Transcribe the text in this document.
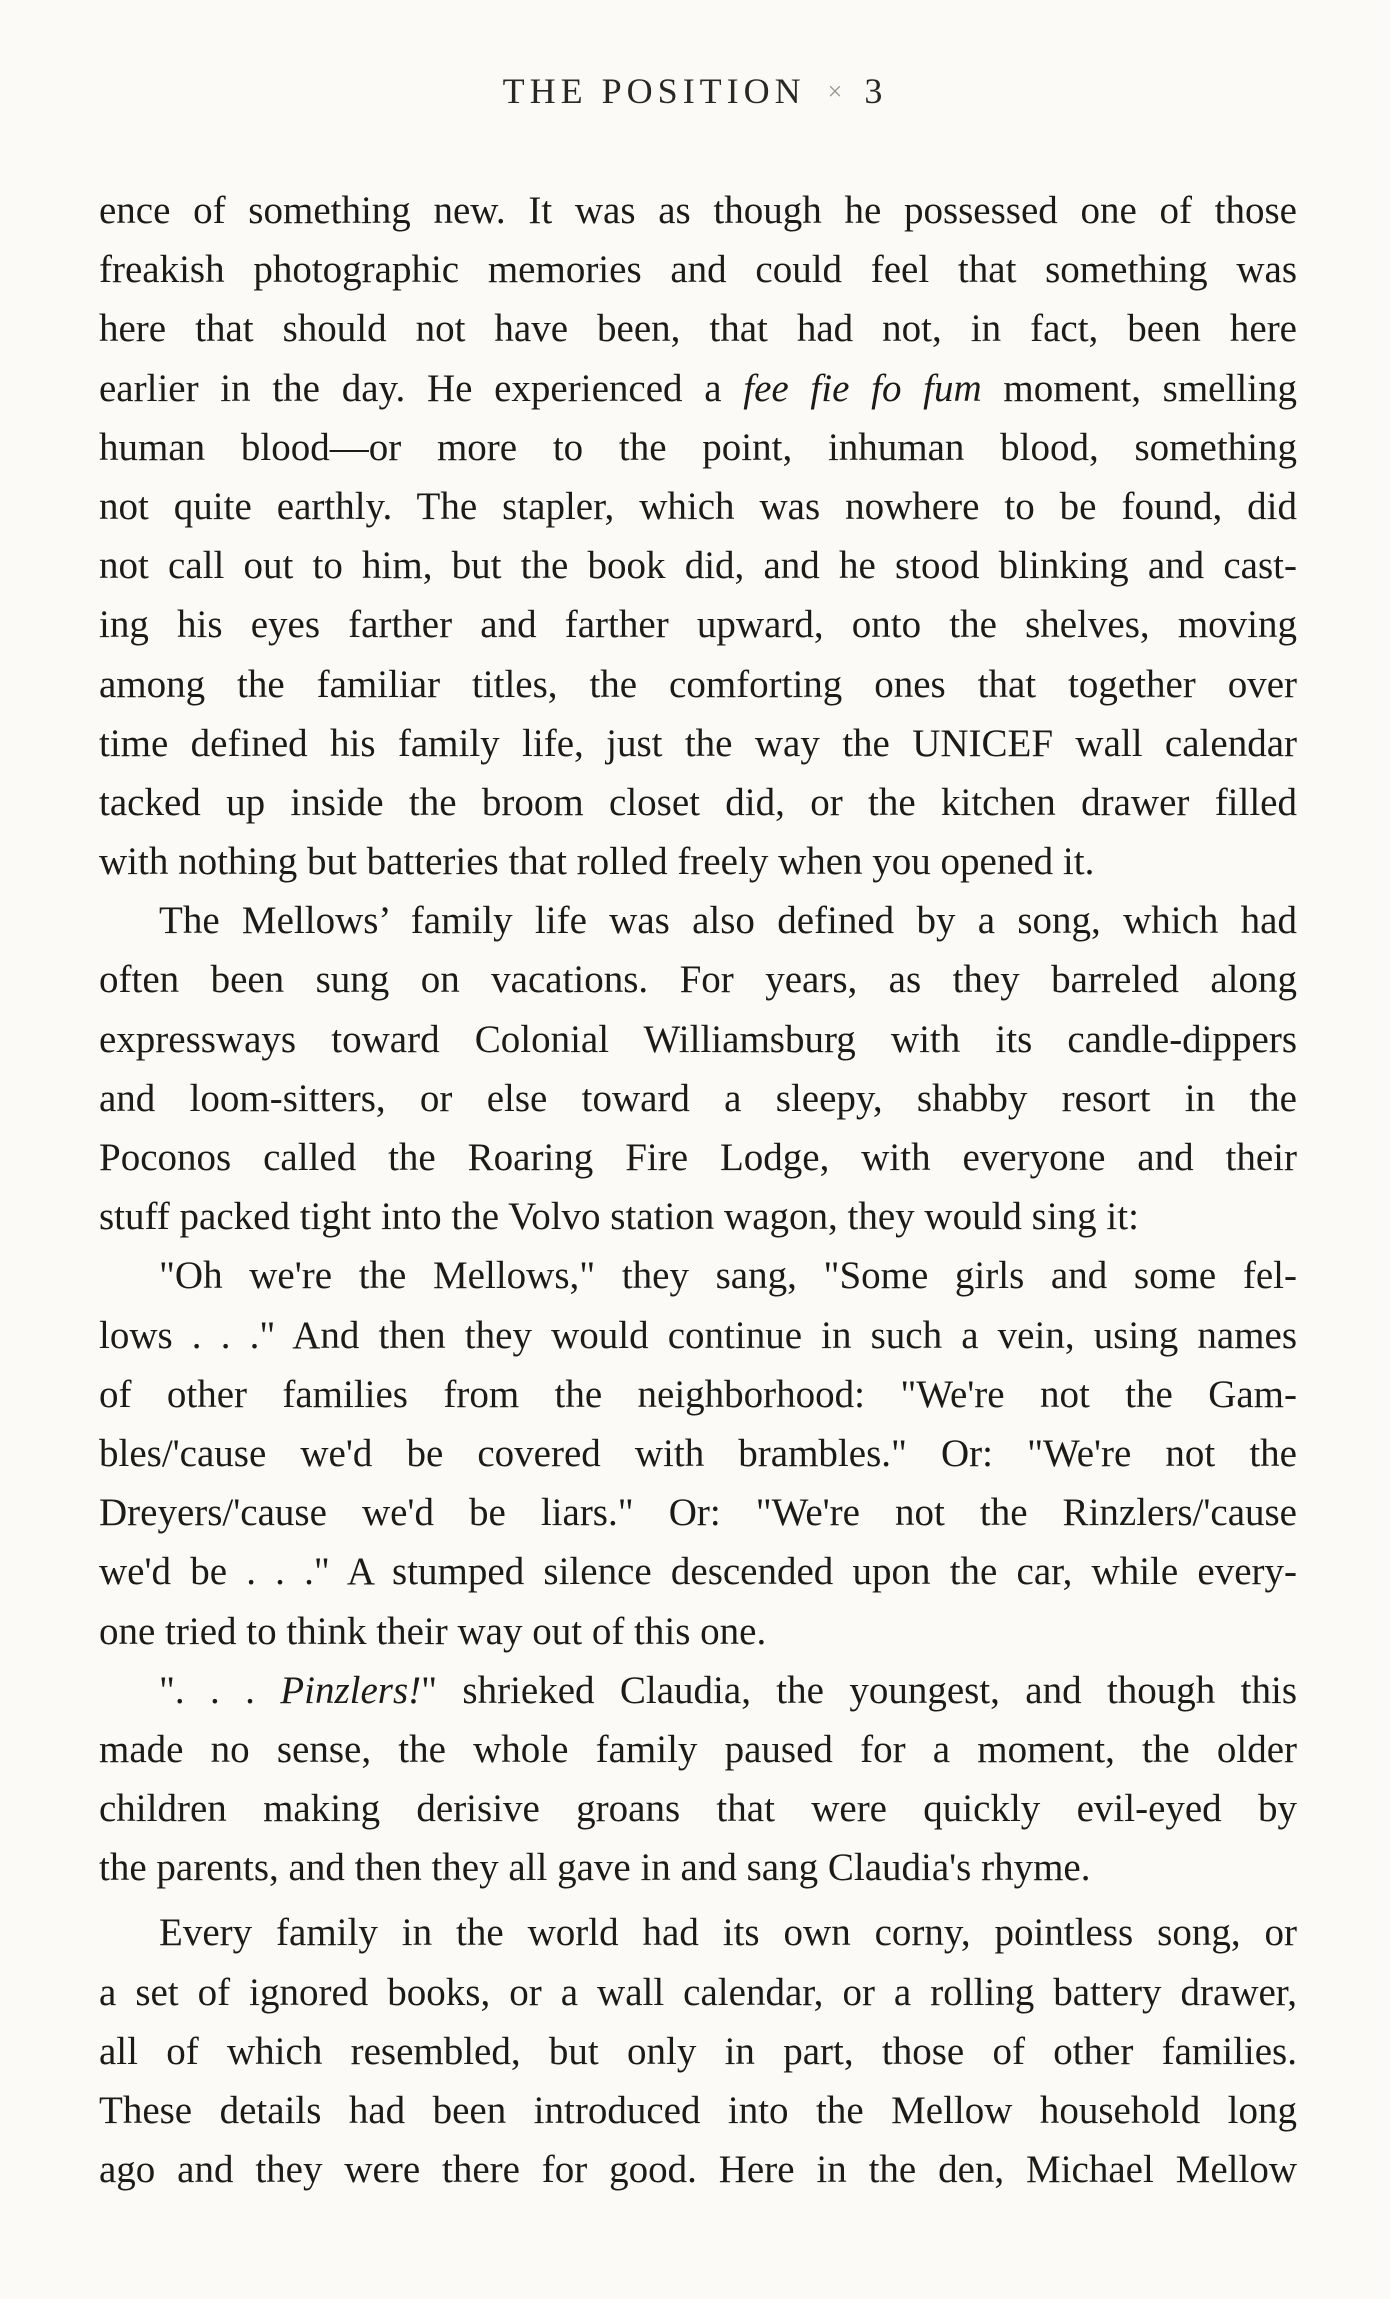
THE POSITION × 3
ence of something new. It was as though he possessed one of those
freakish photographic memories and could feel that something was
here that should not have been, that had not, in fact, been here
earlier in the day. He experienced a fee fie fo fum moment, smelling
human blood—or more to the point, inhuman blood, something
not quite earthly. The stapler, which was nowhere to be found, did
not call out to him, but the book did, and he stood blinking and cast-
ing his eyes farther and farther upward, onto the shelves, moving
among the familiar titles, the comforting ones that together over
time defined his family life, just the way the UNICEF wall calendar
tacked up inside the broom closet did, or the kitchen drawer filled
with nothing but batteries that rolled freely when you opened it.
The Mellows’ family life was also defined by a song, which had
often been sung on vacations. For years, as they barreled along
expressways toward Colonial Williamsburg with its candle-dippers
and loom-sitters, or else toward a sleepy, shabby resort in the
Poconos called the Roaring Fire Lodge, with everyone and their
stuff packed tight into the Volvo station wagon, they would sing it:
"Oh we're the Mellows," they sang, "Some girls and some fel-
lows . . ." And then they would continue in such a vein, using names
of other families from the neighborhood: "We're not the Gam-
bles/'cause we'd be covered with brambles." Or: "We're not the
Dreyers/'cause we'd be liars." Or: "We're not the Rinzlers/'cause
we'd be . . ." A stumped silence descended upon the car, while every-
one tried to think their way out of this one.
". . . Pinzlers!" shrieked Claudia, the youngest, and though this
made no sense, the whole family paused for a moment, the older
children making derisive groans that were quickly evil-eyed by
the parents, and then they all gave in and sang Claudia's rhyme.
Every family in the world had its own corny, pointless song, or
a set of ignored books, or a wall calendar, or a rolling battery drawer,
all of which resembled, but only in part, those of other families.
These details had been introduced into the Mellow household long
ago and they were there for good. Here in the den, Michael Mellow
